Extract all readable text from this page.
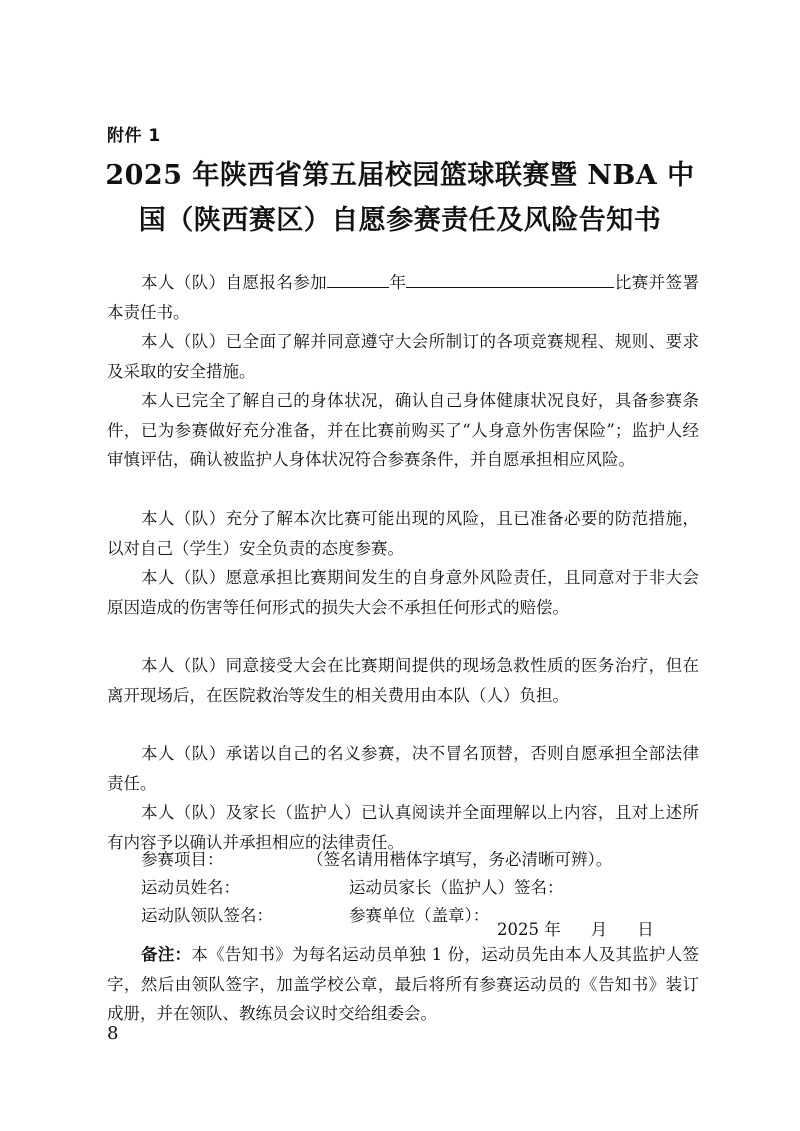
附件 1
2025 年陕西省第五届校园篮球联赛暨 NBA 中
国（陕西赛区）自愿参赛责任及风险告知书
本人（队）自愿报名参加	年	比赛并签署本责任书。
本人（队）已全面了解并同意遵守大会所制订的各项竞赛规程、规则、要求及采取的安全措施。
本人已完全了解自己的身体状况，确认自己身体健康状况良好，具备参赛条件，已为参赛做好充分准备，并在比赛前购买了“人身意外伤害保险”；监护人经审慎评估，确认被监护人身体状况符合参赛条件，并自愿承担相应风险。
本人（队）充分了解本次比赛可能出现的风险，且已准备必要的防范措施，以对自己（学生）安全负责的态度参赛。
本人（队）愿意承担比赛期间发生的自身意外风险责任，且同意对于非大会原因造成的伤害等任何形式的损失大会不承担任何形式的赔偿。
本人（队）同意接受大会在比赛期间提供的现场急救性质的医务治疗，但在离开现场后，在医院救治等发生的相关费用由本队（人）负担。
本人（队）承诺以自己的名义参赛，决不冒名顶替，否则自愿承担全部法律责任。
本人（队）及家长（监护人）已认真阅读并全面理解以上内容，且对上述所有内容予以确认并承担相应的法律责任。
参赛项目：	（签名请用楷体字填写，务必清晰可辨）。
运动员姓名：	运动员家长（监护人）签名：
运动队领队签名：	参赛单位（盖章）：
2025 年 月 日
备注：本《告知书》为每名运动员单独 1 份，运动员先由本人及其监护人签字，然后由领队签字，加盖学校公章，最后将所有参赛运动员的《告知书》装订成册，并在领队、教练员会议时交给组委会。
8
